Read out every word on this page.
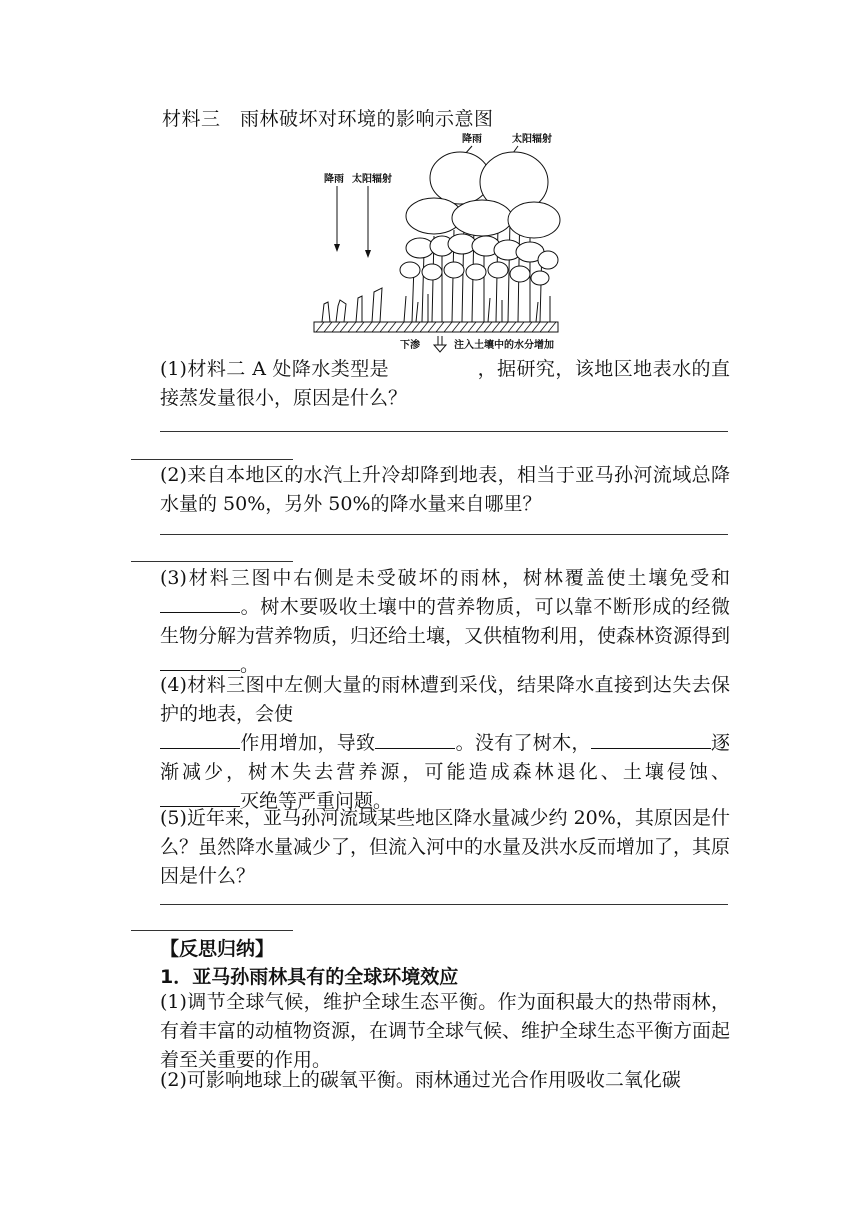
材料三　雨林破坏对环境的影响示意图
降雨 太阳辐射
降雨	太阳辐射
下渗	注入土壤中的水分增加
(1)材料二 A 处降水类型是	，据研究，该地区地表水的直接蒸发量很小，原因是什么？
(2)来自本地区的水汽上升冷却降到地表，相当于亚马孙河流域总降水量的 50%，另外 50%的降水量来自哪里？
(3)材料三图中右侧是未受破坏的雨林，树林覆盖使土壤免受和。树木要吸收土壤中的营养物质，可以靠不断形成的经微生物分解为营养物质，归还给土壤，又供植物利用，使森林资源得到。
(4)材料三图中左侧大量的雨林遭到采伐，结果降水直接到达失去保护的地表，会使
作用增加，导致	。没有了树木，	逐渐减少，树木失去营养源，可能造成森林退化、土壤侵蚀、灭绝等严重问题。
(5)近年来，亚马孙河流域某些地区降水量减少约 20%，其原因是什么？虽然降水量减少了，但流入河中的水量及洪水反而增加了，其原因是什么？
【反思归纳】
1．亚马孙雨林具有的全球环境效应
(1)调节全球气候，维护全球生态平衡。作为面积最大的热带雨林，有着丰富的动植物资源，在调节全球气候、维护全球生态平衡方面起着至关重要的作用。
(2)可影响地球上的碳氧平衡。雨林通过光合作用吸收二氧化碳
